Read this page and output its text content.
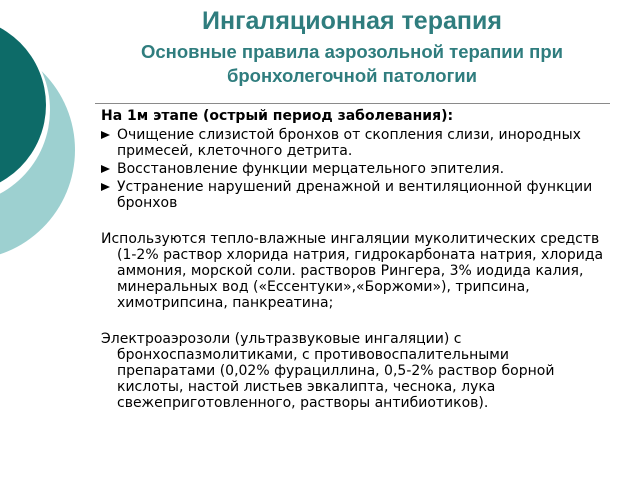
Ингаляционная терапия
Основные правила аэрозольной терапии при бронхолегочной патологии

На 1м этапе (острый период заболевания):

Очищение слизистой бронхов от скопления слизи, инородных примесей, клеточного детрита.
Восстановление функции мерцательного эпителия.
Устранение нарушений дренажной и вентиляционной функции бронхов

Используются тепло-влажные ингаляции муколитических средств (1-2% раствор хлорида натрия, гидрокарбоната натрия, хлорида аммония, морской соли. растворов Рингера, 3% иодида калия, минеральных вод («Ессентуки»,«Боржоми»), трипсина, химотрипсина, панкреатина;

Электроаэрозоли (ультразвуковые ингаляции) с бронхоспазмолитиками, с противовоспалительными препаратами (0,02% фурациллина, 0,5-2% раствор борной кислоты, настой листьев эвкалипта, чеснока, лука свежеприготовленного, растворы антибиотиков).
